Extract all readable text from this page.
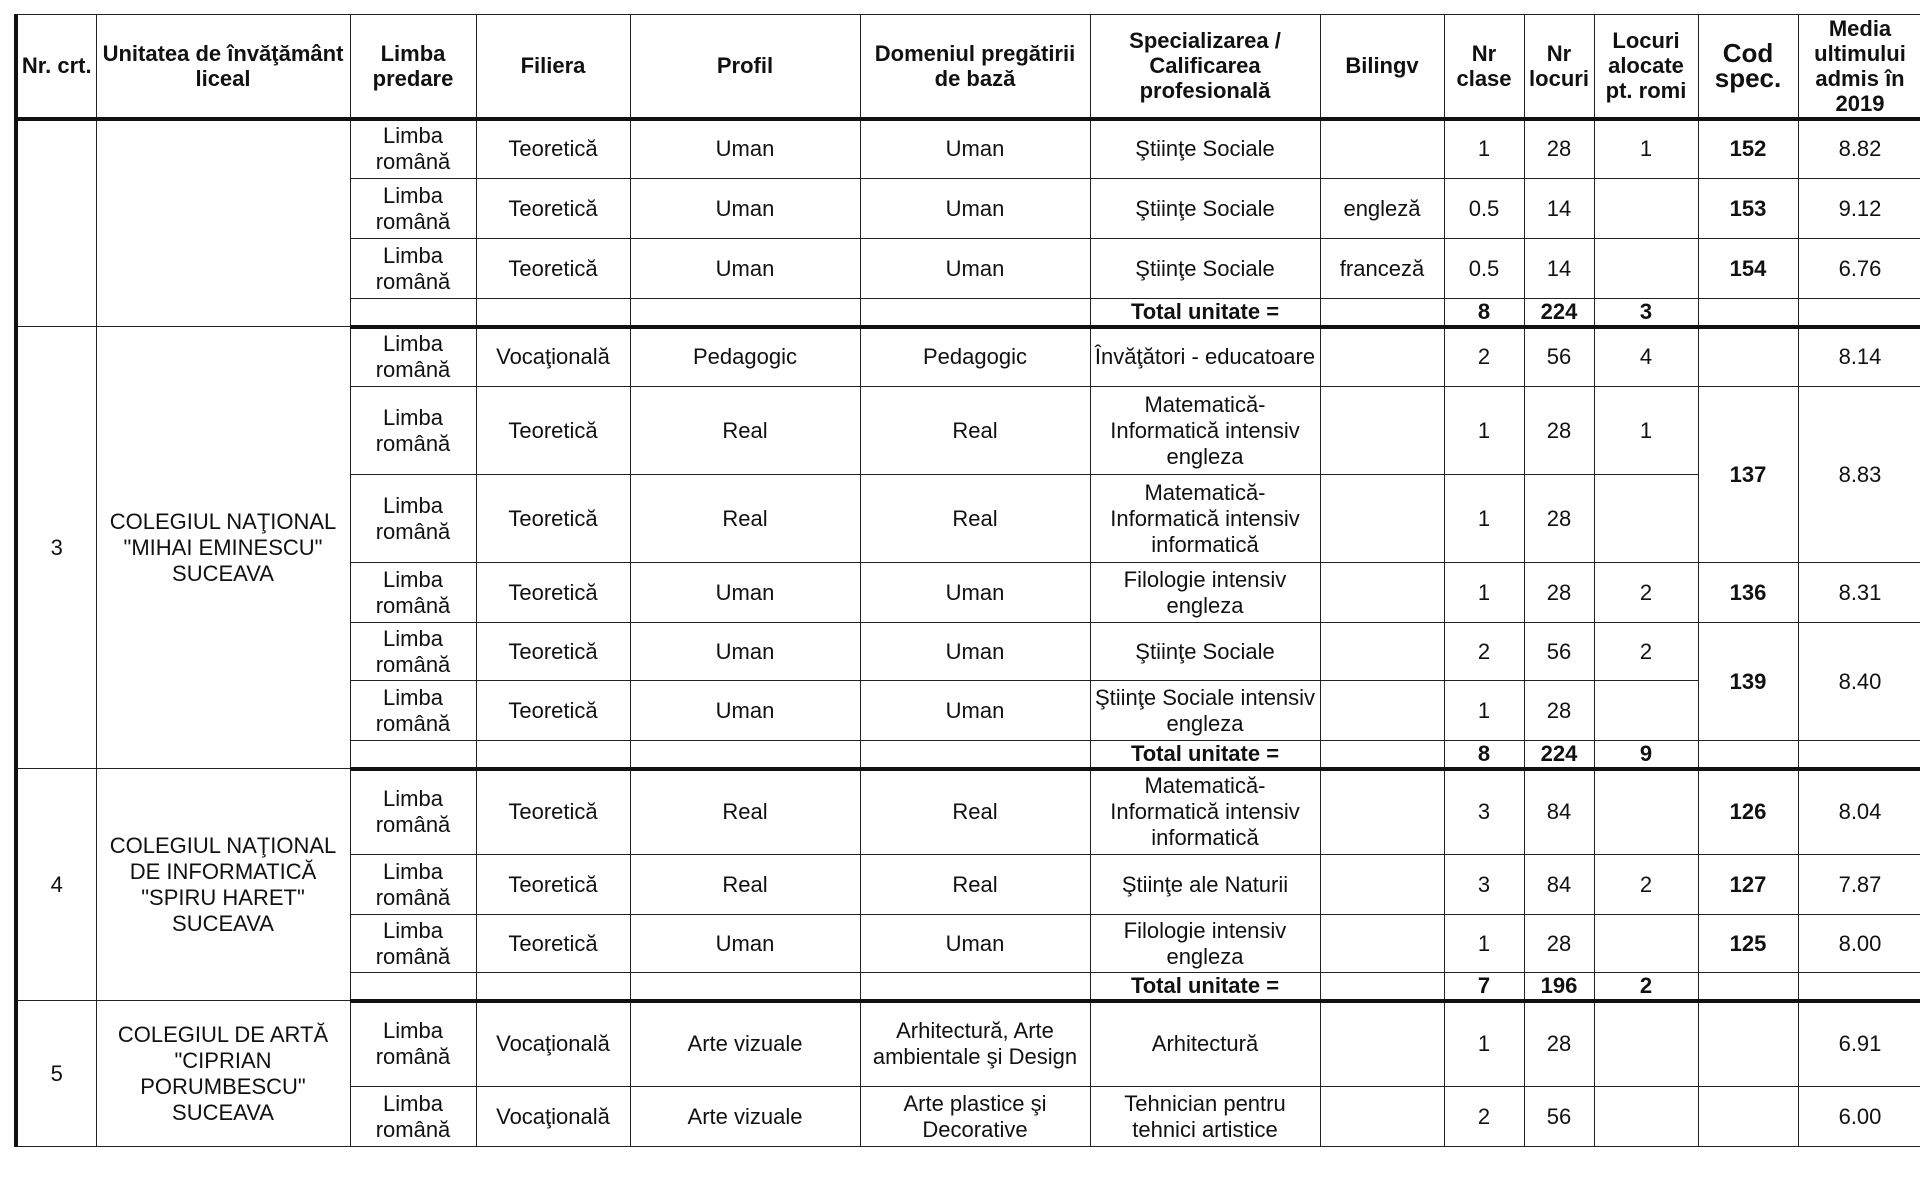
Nr. crt.	Unitatea de învăţământ liceal	Limba predare	Filiera	Profil	Domeniul pregătirii de bază	Specializarea / Calificarea profesională	Bilingv	Nr clase	Nr locuri	Locuri alocate pt. romi	Cod spec.	Media ultimului admis în 2019
		Limba română	Teoretică	Uman	Uman	Ştiinţe Sociale		1	28	1	152	8.82
		Limba română	Teoretică	Uman	Uman	Ştiinţe Sociale	engleză	0.5	14		153	9.12
		Limba română	Teoretică	Uman	Uman	Ştiinţe Sociale	franceză	0.5	14		154	6.76
						Total unitate =		8	224	3		
3	COLEGIUL NAŢIONAL "MIHAI EMINESCU" SUCEAVA	Limba română	Vocaţională	Pedagogic	Pedagogic	Învăţători - educatoare		2	56	4		8.14
		Limba română	Teoretică	Real	Real	Matematică-Informatică intensiv engleza		1	28	1	137	8.83
		Limba română	Teoretică	Real	Real	Matematică-Informatică intensiv informatică		1	28			
		Limba română	Teoretică	Uman	Uman	Filologie intensiv engleza		1	28	2	136	8.31
		Limba română	Teoretică	Uman	Uman	Ştiinţe Sociale		2	56	2	139	8.40
		Limba română	Teoretică	Uman	Uman	Ştiinţe Sociale intensiv engleza		1	28			
						Total unitate =		8	224	9		
4	COLEGIUL NAŢIONAL DE INFORMATICĂ "SPIRU HARET" SUCEAVA	Limba română	Teoretică	Real	Real	Matematică-Informatică intensiv informatică		3	84		126	8.04
		Limba română	Teoretică	Real	Real	Ştiinţe ale Naturii		3	84	2	127	7.87
		Limba română	Teoretică	Uman	Uman	Filologie intensiv engleza		1	28		125	8.00
						Total unitate =		7	196	2		
5	COLEGIUL DE ARTĂ "CIPRIAN PORUMBESCU" SUCEAVA	Limba română	Vocaţională	Arte vizuale	Arhitectură, Arte ambientale şi Design	Arhitectură		1	28			6.91
		Limba română	Vocaţională	Arte vizuale	Arte plastice şi Decorative	Tehnician pentru tehnici artistice		2	56			6.00
